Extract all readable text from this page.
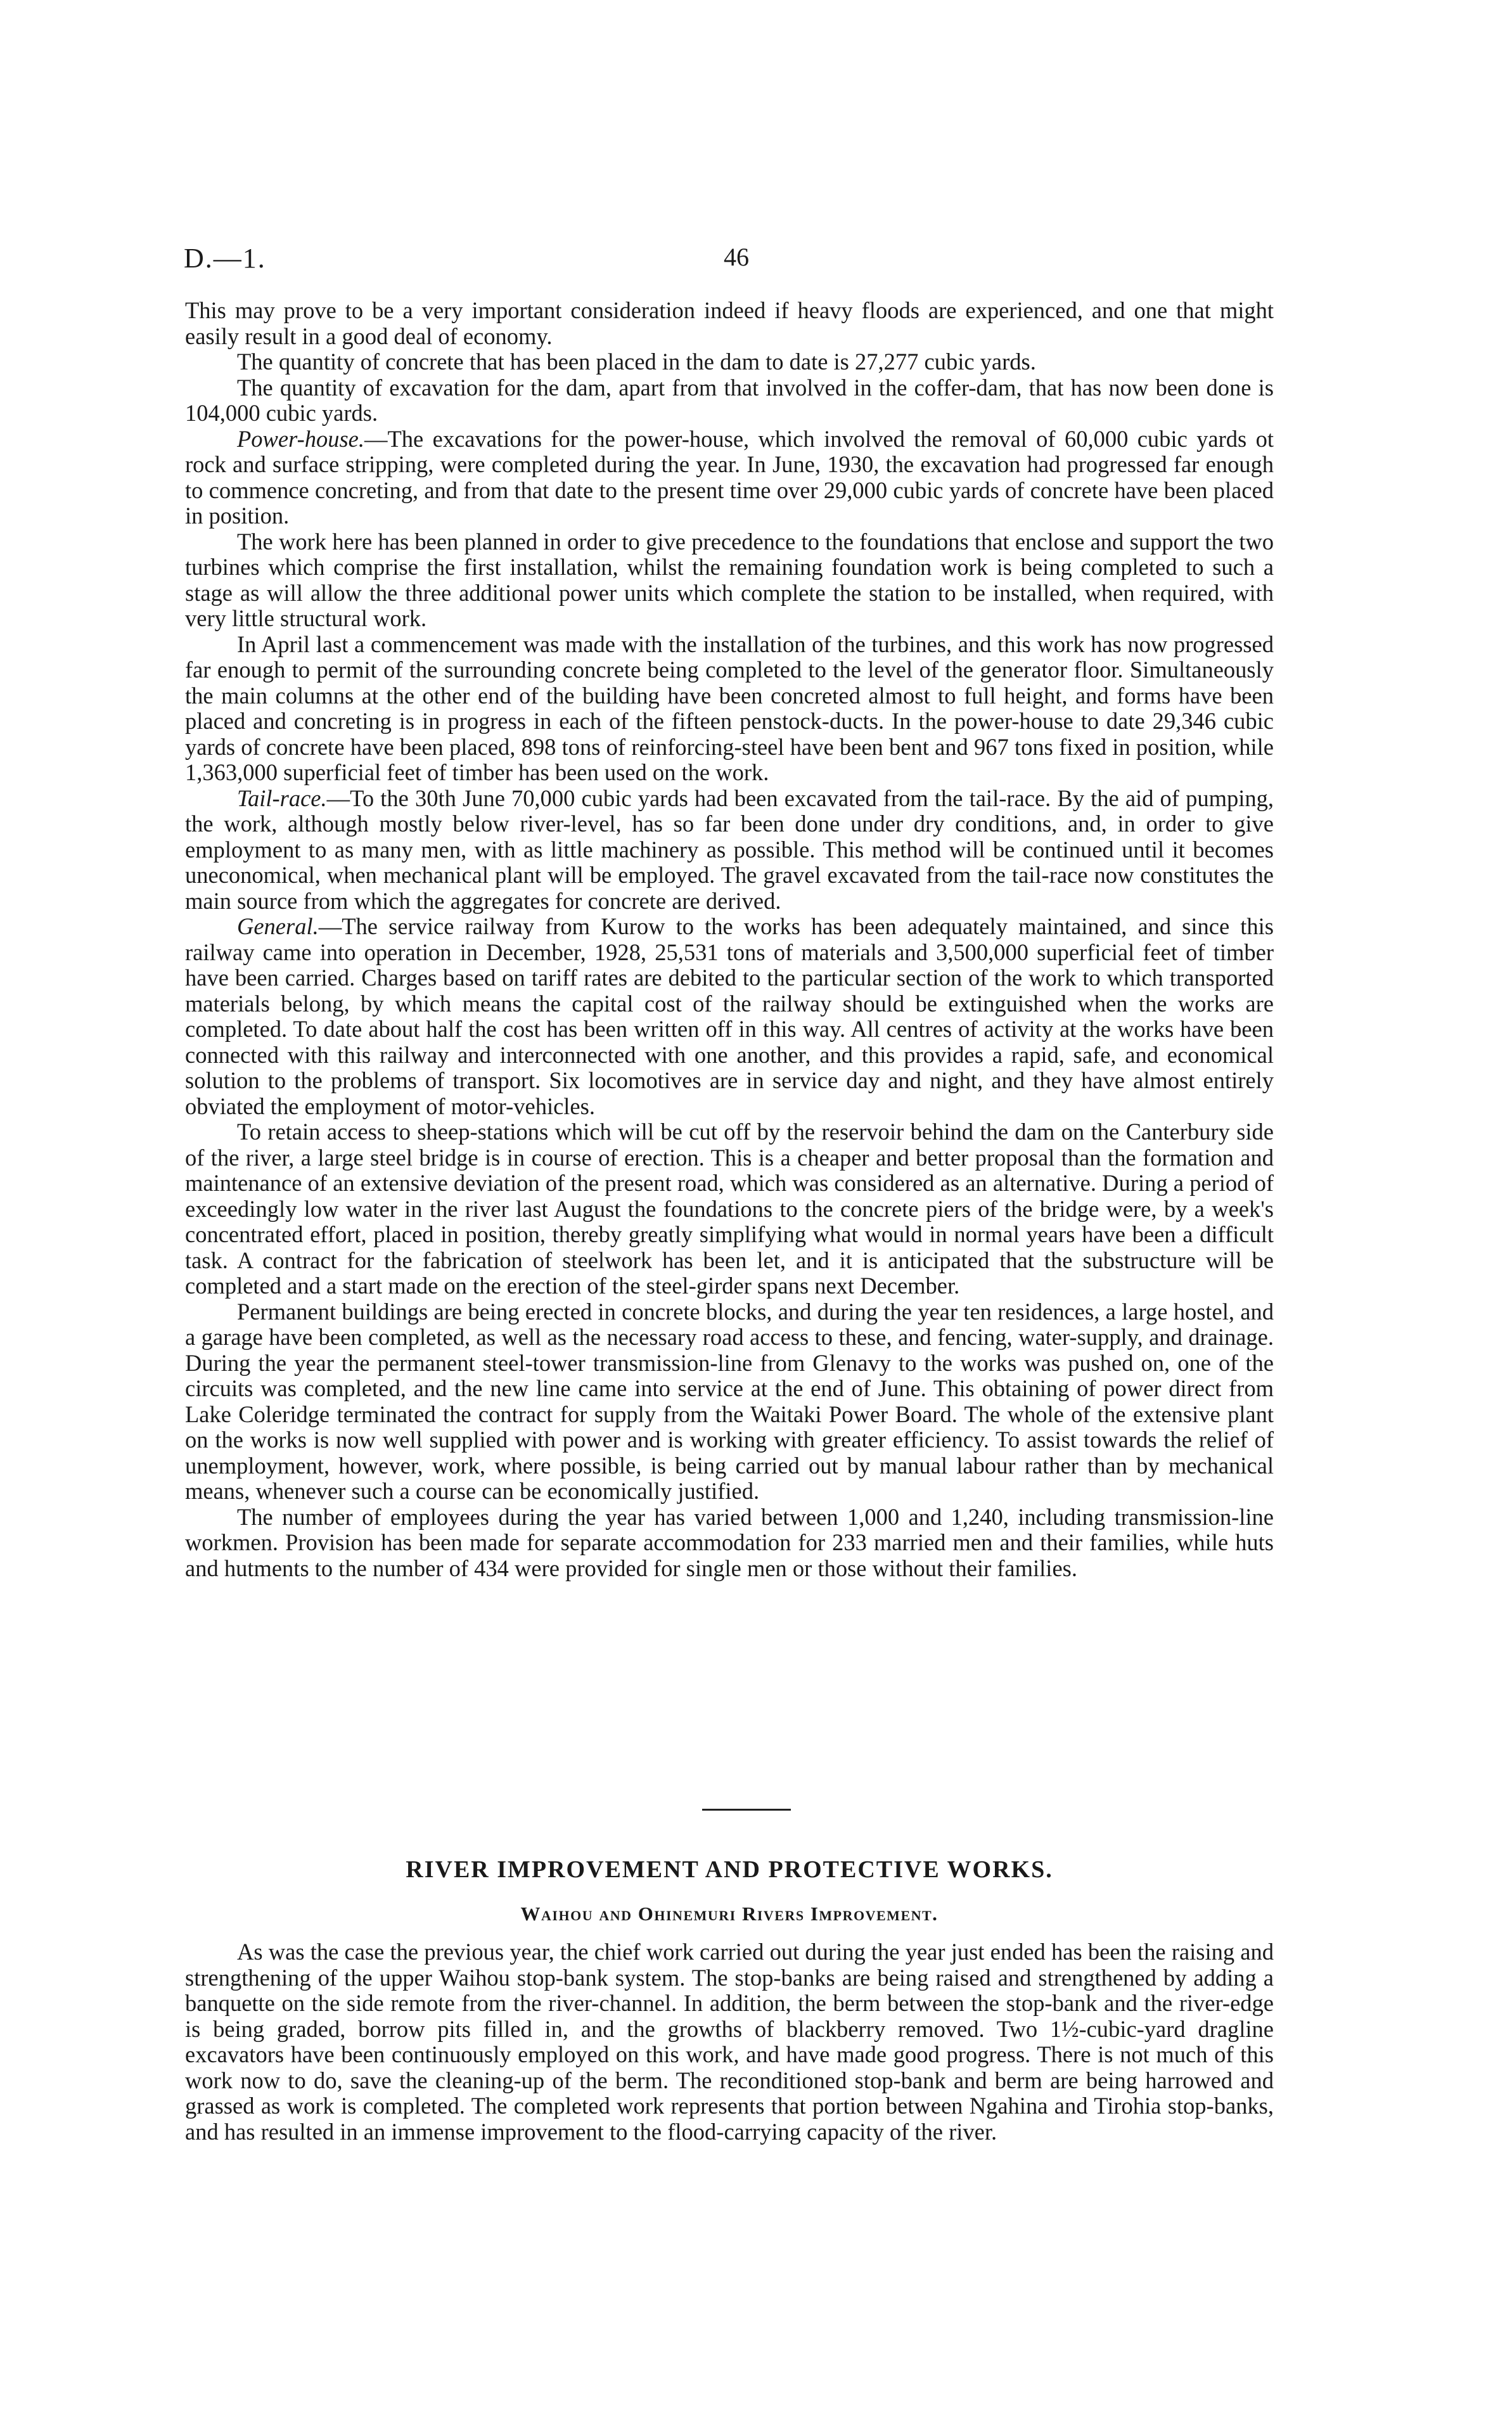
D.—1.	46

This may prove to be a very important consideration indeed if heavy floods are experienced, and one that might easily result in a good deal of economy.

The quantity of concrete that has been placed in the dam to date is 27,277 cubic yards.

The quantity of excavation for the dam, apart from that involved in the coffer-dam, that has now been done is 104,000 cubic yards.

Power-house.—The excavations for the power-house, which involved the removal of 60,000 cubic yards ot rock and surface stripping, were completed during the year. In June, 1930, the excavation had progressed far enough to commence concreting, and from that date to the present time over 29,000 cubic yards of concrete have been placed in position.

The work here has been planned in order to give precedence to the foundations that enclose and support the two turbines which comprise the first installation, whilst the remaining foundation work is being completed to such a stage as will allow the three additional power units which complete the station to be installed, when required, with very little structural work.

In April last a commencement was made with the installation of the turbines, and this work has now progressed far enough to permit of the surrounding concrete being completed to the level of the generator floor. Simultaneously the main columns at the other end of the building have been concreted almost to full height, and forms have been placed and concreting is in progress in each of the fifteen penstock-ducts. In the power-house to date 29,346 cubic yards of concrete have been placed, 898 tons of reinforcing-steel have been bent and 967 tons fixed in position, while 1,363,000 superficial feet of timber has been used on the work.

Tail-race.—To the 30th June 70,000 cubic yards had been excavated from the tail-race. By the aid of pumping, the work, although mostly below river-level, has so far been done under dry conditions, and, in order to give employment to as many men, with as little machinery as possible. This method will be continued until it becomes uneconomical, when mechanical plant will be employed. The gravel excavated from the tail-race now constitutes the main source from which the aggregates for concrete are derived.

General.—The service railway from Kurow to the works has been adequately maintained, and since this railway came into operation in December, 1928, 25,531 tons of materials and 3,500,000 superficial feet of timber have been carried. Charges based on tariff rates are debited to the particular section of the work to which transported materials belong, by which means the capital cost of the railway should be extinguished when the works are completed. To date about half the cost has been written off in this way. All centres of activity at the works have been connected with this railway and interconnected with one another, and this provides a rapid, safe, and economical solution to the problems of transport. Six locomotives are in service day and night, and they have almost entirely obviated the employment of motor-vehicles.

To retain access to sheep-stations which will be cut off by the reservoir behind the dam on the Canterbury side of the river, a large steel bridge is in course of erection. This is a cheaper and better proposal than the formation and maintenance of an extensive deviation of the present road, which was considered as an alternative. During a period of exceedingly low water in the river last August the foundations to the concrete piers of the bridge were, by a week's concentrated effort, placed in position, thereby greatly simplifying what would in normal years have been a difficult task. A contract for the fabrication of steelwork has been let, and it is anticipated that the substructure will be completed and a start made on the erection of the steel-girder spans next December.

Permanent buildings are being erected in concrete blocks, and during the year ten residences, a large hostel, and a garage have been completed, as well as the necessary road access to these, and fencing, water-supply, and drainage. During the year the permanent steel-tower transmission-line from Glenavy to the works was pushed on, one of the circuits was completed, and the new line came into service at the end of June. This obtaining of power direct from Lake Coleridge terminated the contract for supply from the Waitaki Power Board. The whole of the extensive plant on the works is now well supplied with power and is working with greater efficiency. To assist towards the relief of unemployment, however, work, where possible, is being carried out by manual labour rather than by mechanical means, whenever such a course can be economically justified.

The number of employees during the year has varied between 1,000 and 1,240, including transmission-line workmen. Provision has been made for separate accommodation for 233 married men and their families, while huts and hutments to the number of 434 were provided for single men or those without their families.

RIVER IMPROVEMENT AND PROTECTIVE WORKS.
Waihou and Ohinemuri Rivers Improvement.

As was the case the previous year, the chief work carried out during the year just ended has been the raising and strengthening of the upper Waihou stop-bank system. The stop-banks are being raised and strengthened by adding a banquette on the side remote from the river-channel. In addition, the berm between the stop-bank and the river-edge is being graded, borrow pits filled in, and the growths of blackberry removed. Two 1½-cubic-yard dragline excavators have been continuously employed on this work, and have made good progress. There is not much of this work now to do, save the cleaning-up of the berm. The reconditioned stop-bank and berm are being harrowed and grassed as work is completed. The completed work represents that portion between Ngahina and Tirohia stop-banks, and has resulted in an immense improvement to the flood-carrying capacity of the river.
